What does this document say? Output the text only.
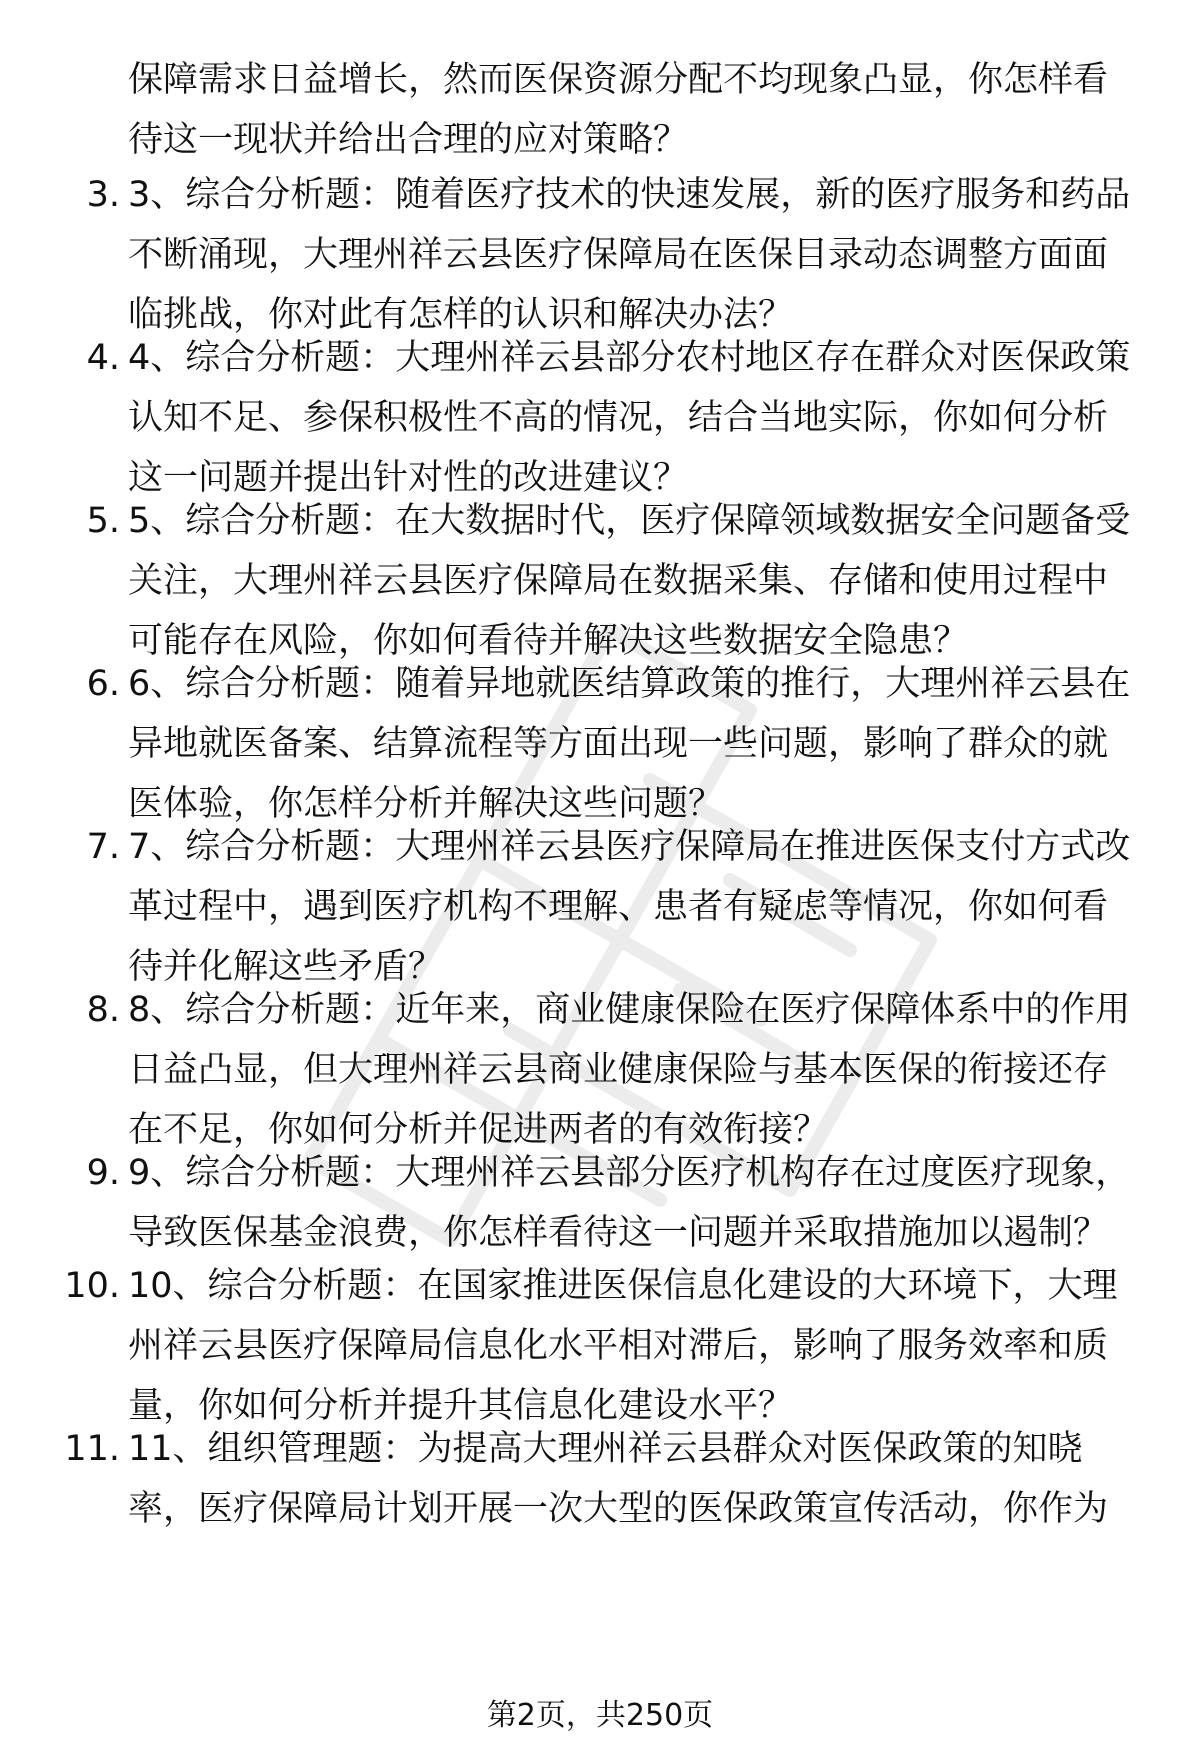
保障需求日益增长，然而医保资源分配不均现象凸显，你怎样看
待这一现状并给出合理的应对策略？
3. 3、综合分析题：随着医疗技术的快速发展，新的医疗服务和药品
不断涌现，大理州祥云县医疗保障局在医保目录动态调整方面面
临挑战，你对此有怎样的认识和解决办法？
4. 4、综合分析题：大理州祥云县部分农村地区存在群众对医保政策
认知不足、参保积极性不高的情况，结合当地实际，你如何分析
这一问题并提出针对性的改进建议？
5. 5、综合分析题：在大数据时代，医疗保障领域数据安全问题备受
关注，大理州祥云县医疗保障局在数据采集、存储和使用过程中
可能存在风险，你如何看待并解决这些数据安全隐患？
6. 6、综合分析题：随着异地就医结算政策的推行，大理州祥云县在
异地就医备案、结算流程等方面出现一些问题，影响了群众的就
医体验，你怎样分析并解决这些问题？
7. 7、综合分析题：大理州祥云县医疗保障局在推进医保支付方式改
革过程中，遇到医疗机构不理解、患者有疑虑等情况，你如何看
待并化解这些矛盾？
8. 8、综合分析题：近年来，商业健康保险在医疗保障体系中的作用
日益凸显，但大理州祥云县商业健康保险与基本医保的衔接还存
在不足，你如何分析并促进两者的有效衔接？
9. 9、综合分析题：大理州祥云县部分医疗机构存在过度医疗现象，
导致医保基金浪费，你怎样看待这一问题并采取措施加以遏制？
10. 10、综合分析题：在国家推进医保信息化建设的大环境下，大理
州祥云县医疗保障局信息化水平相对滞后，影响了服务效率和质
量，你如何分析并提升其信息化建设水平？
11. 11、组织管理题：为提高大理州祥云县群众对医保政策的知晓
率，医疗保障局计划开展一次大型的医保政策宣传活动，你作为
第2页，共250页
